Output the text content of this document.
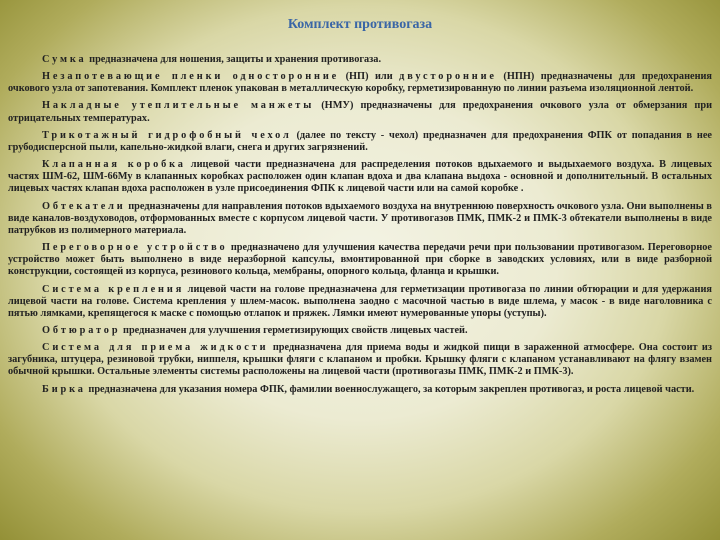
Комплект противогаза

Сумка предназначена для ношения, защиты и хранения противогаза.

Незапотевающие пленки односторонние (НП) или двусторонние (НПН) предназначены для предохранения очкового узла от запотевания. Комплект пленок упакован в металлическую коробку, герметизированную по линии разъема изоляционной лентой.

Накладные утеплительные манжеты (НМУ) предназначены для предохранения очкового узла от обмерзания при отрицательных температурах.

Трикотажный гидрофобный чехол (далее по тексту - чехол) предназначен для предохранения ФПК от попадания в нее грубодисперсной пыли, капельно-жидкой влаги, снега и других загрязнений.

Клапанная коробка лицевой части предназначена для распределения потоков вдыхаемого и выдыхаемого воздуха. В лицевых частях ШМ-62, ШМ-66Му в клапанных коробках расположен один клапан вдоха и два клапана выдоха - основной и дополнительный. В остальных лицевых частях клапан вдоха расположен в узле присоединения ФПК к лицевой части или на самой коробке .

Обтекатели предназначены для направления потоков вдыхаемого воздуха на внутреннюю поверхность очкового узла. Они выполнены в виде каналов-воздуховодов, отформованных вместе с корпусом лицевой части. У противогазов ПМК, ПМК-2 и ПМК-3 обтекатели выполнены в виде патрубков из полимерного материала.

Переговорное устройство предназначено для улучшения качества передачи речи при пользовании противогазом. Переговорное устройство может быть выполнено в виде неразборной капсулы, вмонтированной при сборке в заводских условиях, или в виде разборной конструкции, состоящей из корпуса, резинового кольца, мембраны, опорного кольца, фланца и крышки.

Система крепления лицевой части на голове предназначена для герметизации противогаза по линии обтюрации и для удержания лицевой части на голове. Система крепления у шлем-масок. выполнена заодно с масочной частью в виде шлема, у масок - в виде наголовника с пятью лямками, крепящегося к маске с помощью отлапок и пряжек. Лямки имеют нумерованные упоры (уступы).

Обтюратор предназначен для улучшения герметизирующих свойств лицевых частей.

Система для приема жидкости предназначена для приема воды и жидкой пищи в зараженной атмосфере. Она состоит из загубника, штуцера, резиновой трубки, ниппеля, крышки фляги с клапаном и пробки. Крышку фляги с клапаном устанавливают на флягу взамен обычной крышки. Остальные элементы системы расположены на лицевой части (противогазы ПМК, ПМК-2 и ПМК-3).

Бирка предназначена для указания номера ФПК, фамилии военнослужащего, за которым закреплен противогаз, и роста лицевой части.
